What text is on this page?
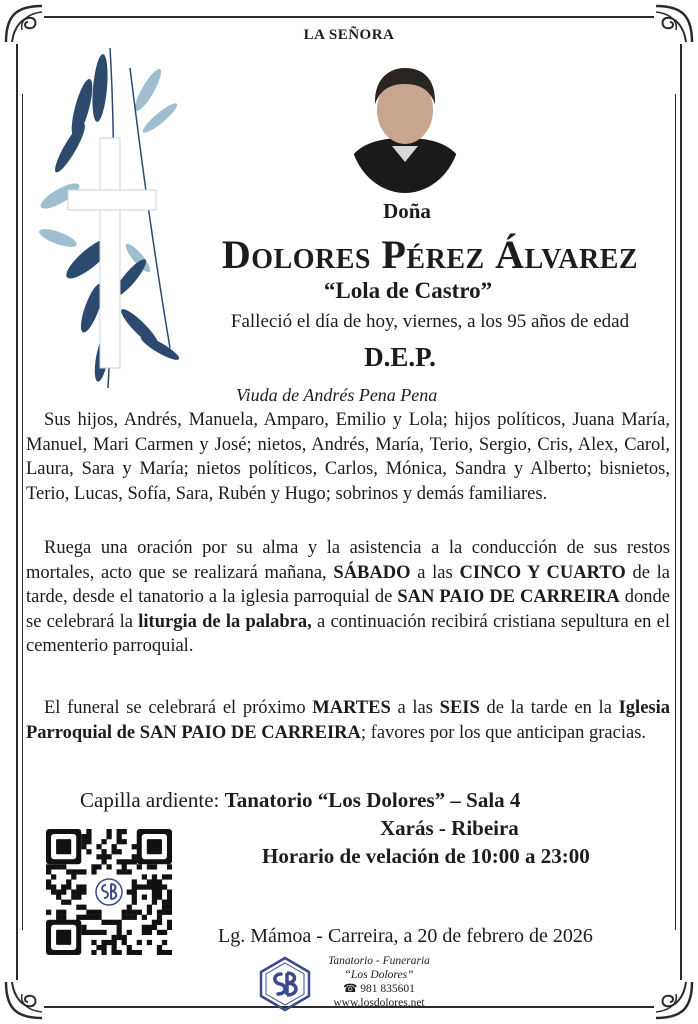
LA SEÑORA
Doña
Dolores Pérez Álvarez
“Lola de Castro”
Falleció el día de hoy, viernes, a los 95 años de edad
D.E.P.
Viuda de Andrés Pena Pena

Sus hijos, Andrés, Manuela, Amparo, Emilio y Lola; hijos políticos, Juana María, Manuel, Mari Carmen y José; nietos, Andrés, María, Terio, Sergio, Cris, Alex, Carol, Laura, Sara y María; nietos políticos, Carlos, Mónica, Sandra y Alberto; bisnietos, Terio, Lucas, Sofía, Sara, Rubén y Hugo; sobrinos y demás familiares.

Ruega una oración por su alma y la asistencia a la conducción de sus restos mortales, acto que se realizará mañana, SÁBADO a las CINCO Y CUARTO de la tarde, desde el tanatorio a la iglesia parroquial de SAN PAIO DE CARREIRA donde se celebrará la liturgia de la palabra, a continuación recibirá cristiana sepultura en el cementerio parroquial.

El funeral se celebrará el próximo MARTES a las SEIS de la tarde en la Iglesia Parroquial de SAN PAIO DE CARREIRA; favores por los que anticipan gracias.

Capilla ardiente: Tanatorio “Los Dolores” – Sala 4
Xarás - Ribeira
Horario de velación de 10:00 a 23:00
Lg. Mámoa - Carreira, a 20 de febrero de 2026
Tanatorio - Funeraria
“Los Dolores”
☎ 981 835601
www.losdolores.net
